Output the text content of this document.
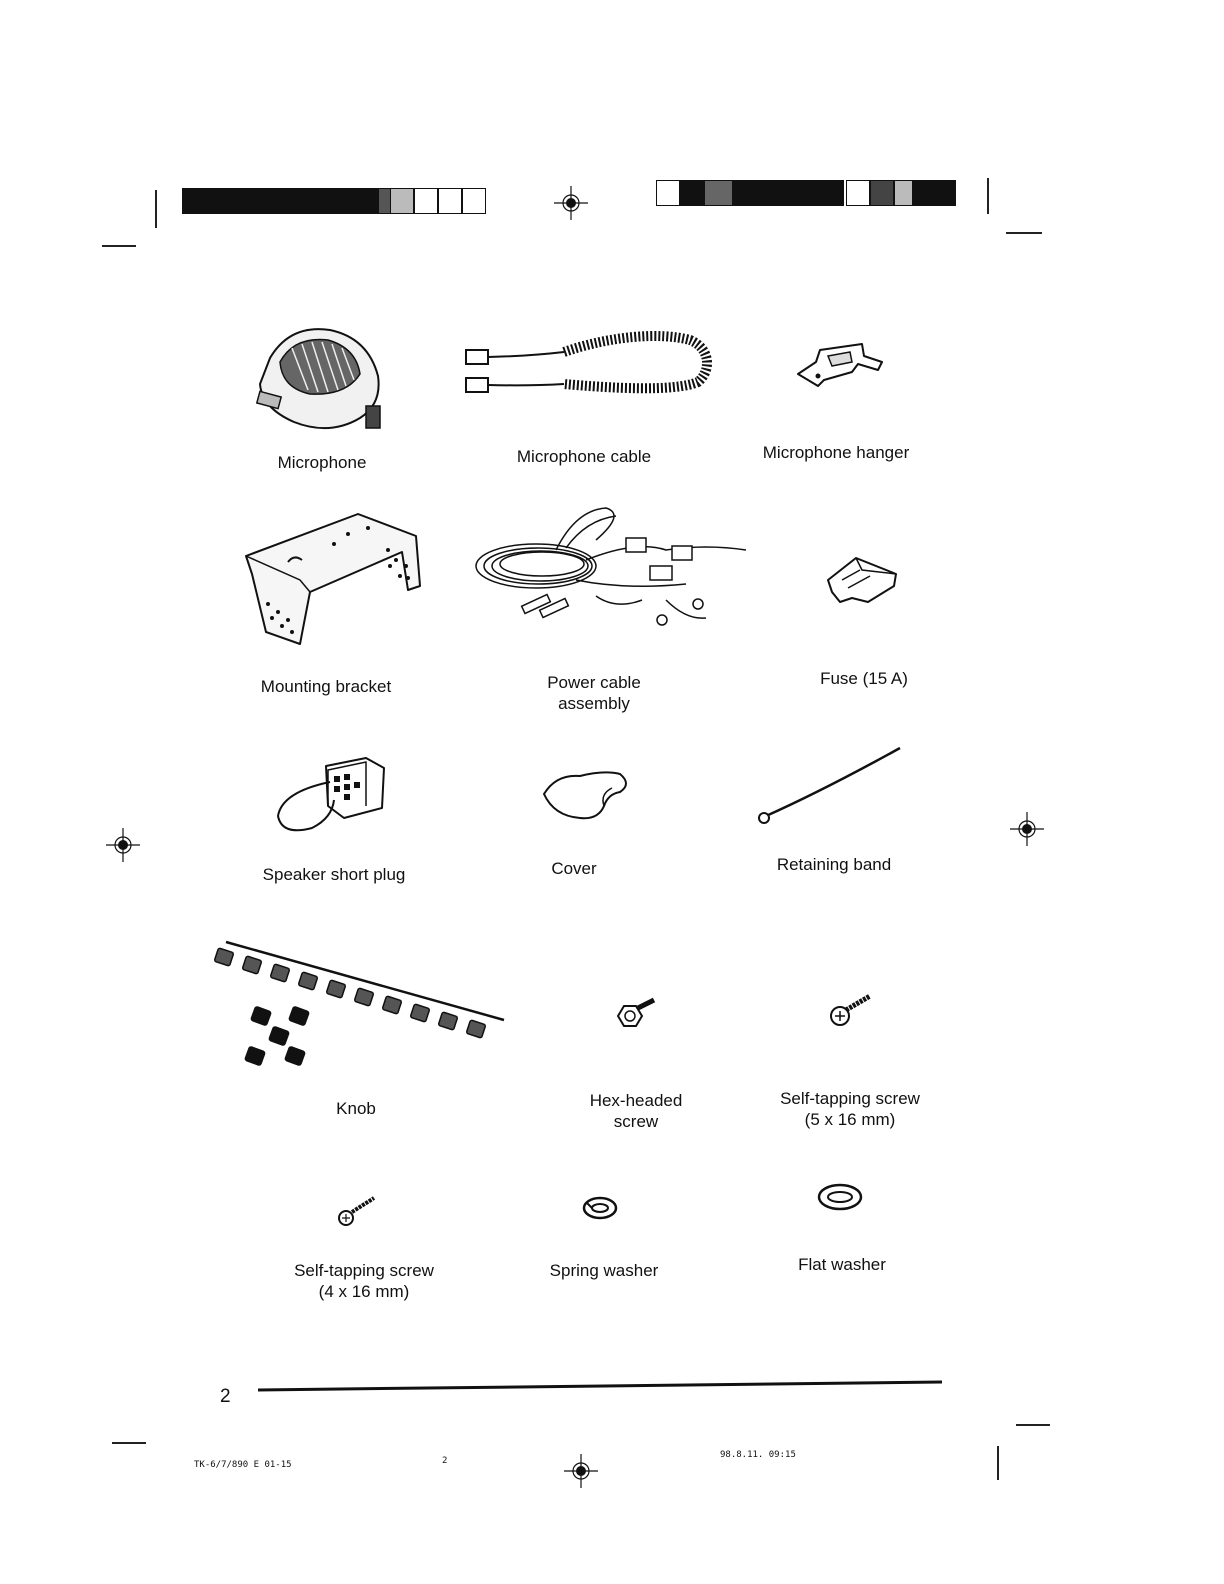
Microphone	Microphone cable	Microphone hanger
Mounting bracket	Power cable
assembly
Fuse (15 A)
Speaker short plug	Cover	Retaining band
Knob	Hex-headed
screw
Self-tapping screw
(5 x 16 mm)
Self-tapping screw
(4 x 16 mm)
Spring washer	Flat washer
2
TK-6/7/890 E 01-15	2
98.8.11. 09:15
